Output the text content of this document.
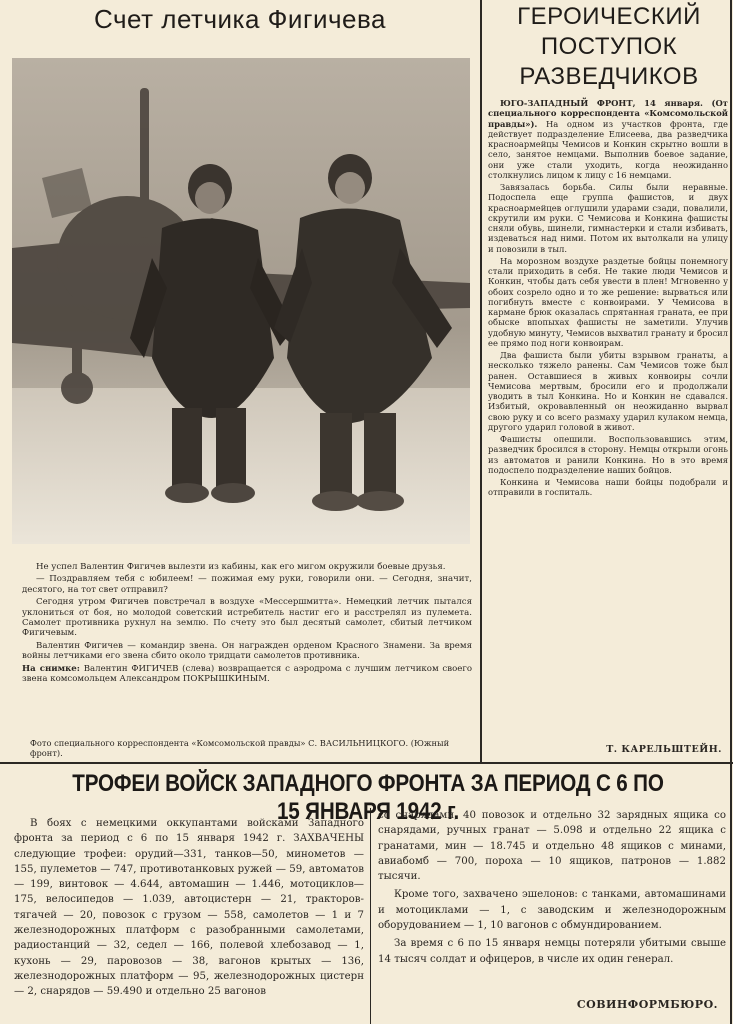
Счет летчика Фигичева

Не успел Валентин Фигичев вылезти из кабины, как его мигом окружили боевые друзья.

— Поздравляем тебя с юбилеем! — пожимая ему руки, говорили они. — Сегодня, значит, десятого, на тот свет отправил?

Сегодня утром Фигичев повстречал в воздухе «Мессершмитта». Немецкий летчик пытался уклониться от боя, но молодой советский истребитель настиг его и расстрелял из пулемета. Самолет противника рухнул на землю. По счету это был десятый самолет, сбитый летчиком Фигичевым.

Валентин Фигичев — командир звена. Он награжден орденом Красного Знамени. За время войны летчиками его звена сбито около тридцати самолетов противника.

На снимке: Валентин ФИГИЧЕВ (слева) возвращается с аэродрома с лучшим летчиком своего звена комсомольцем Александром ПОКРЫШКИНЫМ.

Фото специального корреспондента «Комсомольской правды» С. ВАСИЛЬНИЦКОГО. (Южный фронт).
ГЕРОИЧЕСКИЙ
ПОСТУПОК
РАЗВЕДЧИКОВ

ЮГО-ЗАПАДНЫЙ ФРОНТ, 14 января. (От специального корреспондента «Комсомольской правды»). На одном из участков фронта, где действует подразделение Елисеева, два разведчика красноармейцы Чемисов и Конкин скрытно вошли в село, занятое немцами. Выполнив боевое задание, они уже стали уходить, когда неожиданно столкнулись лицом к лицу с 16 немцами.

Завязалась борьба. Силы были неравные. Подоспела еще группа фашистов, и двух красноармейцев оглушили ударами сзади, повалили, скрутили им руки. С Чемисова и Конкина фашисты сняли обувь, шинели, гимнастерки и стали избивать, издеваться над ними. Потом их вытолкали на улицу и повозили в тыл.

На морозном воздухе раздетые бойцы понемногу стали приходить в себя. Не такие люди Чемисов и Конкин, чтобы дать себя увести в плен! Мгновенно у обоих созрело одно и то же решение: вырваться или погибнуть вместе с конвоирами. У Чемисова в кармане брюк оказалась спрятанная граната, ее при обыске впопыхах фашисты не заметили. Улучив удобную минуту, Чемисов выхватил гранату и бросил ее прямо под ноги конвоирам.

Два фашиста были убиты взрывом гранаты, а несколько тяжело ранены. Сам Чемисов тоже был ранен. Оставшиеся в живых конвоиры сочли Чемисова мертвым, бросили его и продолжали уводить в тыл Конкина. Но и Конкин не сдавался. Избитый, окровавленный он неожиданно вырвал свою руку и со всего размаху ударил кулаком немца, другого ударил головой в живот.

Фашисты опешили. Воспользовавшись этим, разведчик бросился в сторону. Немцы открыли огонь из автоматов и ранили Конкина. Но в это время подоспело подразделение наших бойцов.

Конкина и Чемисова наши бойцы подобрали и отправили в госпиталь.

Т. КАРЕЛЬШТЕЙН.
ТРОФЕИ ВОЙСК ЗАПАДНОГО ФРОНТА ЗА ПЕРИОД С 6 ПО 15 ЯНВАРЯ 1942 г.

В боях с немецкими оккупантами войсками Западного фронта за период с 6 по 15 января 1942 г. ЗАХВАЧЕНЫ следующие трофеи: орудий—331, танков—50, минометов — 155, пулеметов — 747, противотанковых ружей — 59, автоматов — 199, винтовок — 4.644, автомашин — 1.446, мотоциклов—175, велосипедов — 1.039, автоцистерн — 21, тракторов-тягачей — 20, повозок с грузом — 558, самолетов — 1 и 7 железнодорожных платформ с разобранными самолетами, радиостанций — 32, седел — 166, полевой хлебозавод — 1, кухонь — 29, паровозов — 38, вагонов крытых — 136, железнодорожных платформ — 95, железнодорожных цистерн — 2, снарядов — 59.490 и отдельно 25 вагонов

со снарядами, 40 повозок и отдельно 32 зарядных ящика со снарядами, ручных гранат — 5.098 и отдельно 22 ящика с гранатами, мин — 18.745 и отдельно 48 ящиков с минами, авиабомб — 700, пороха — 10 ящиков, патронов — 1.882 тысячи.

Кроме того, захвачено эшелонов: с танками, автомашинами и мотоциклами — 1, с заводским и железнодорожным оборудованием — 1, 10 вагонов с обмундированием.

За время с 6 по 15 января немцы потеряли убитыми свыше 14 тысяч солдат и офицеров, в числе их один генерал.

СОВИНФОРМБЮРО.
